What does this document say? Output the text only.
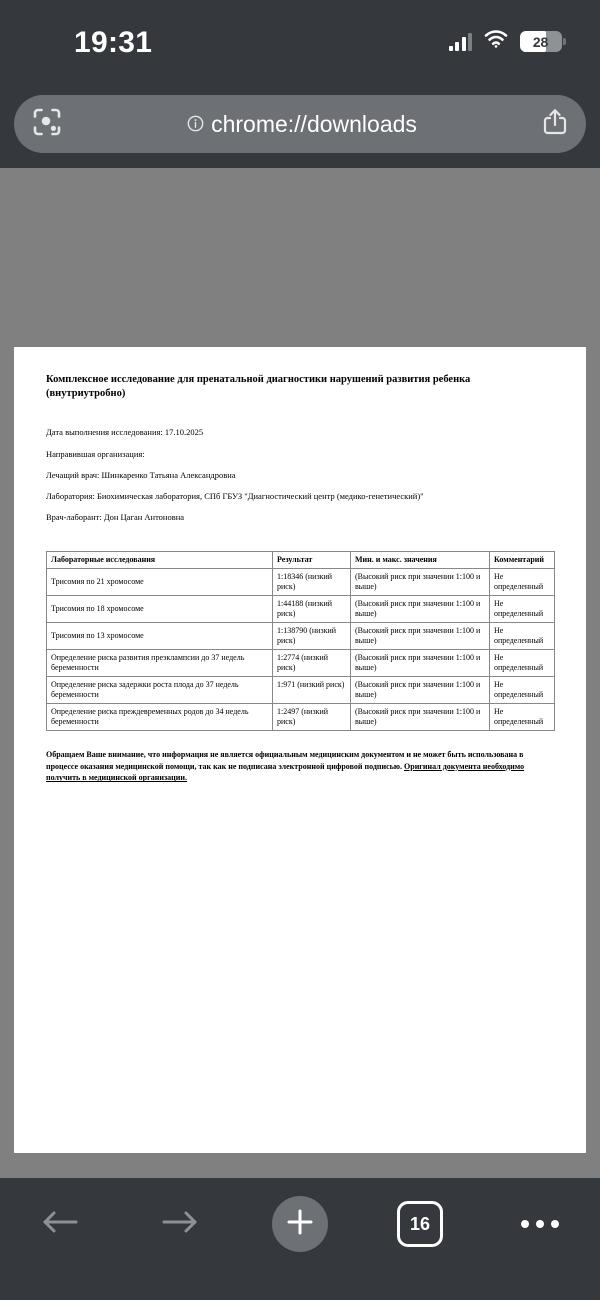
19:31	28
chrome://downloads
Комплексное исследование для пренатальной диагностики нарушений развития ребенка (внутриутробно)
Дата выполнения исследования: 17.10.2025
Направившая организация:
Лечащий врач: Шинкаренко Татьяна Александровна
Лаборатория: Биохимическая лаборатория, СПб ГБУЗ "Диагностический центр (медико-генетический)"
Врач-лаборант: Дон Цаган Антоновна
Лабораторные исследования	Результат	Мин. и макс. значения	Комментарий
Трисомия по 21 хромосоме	1:18346 (низкий риск)	(Высокий риск при значении 1:100 и выше)	Не определенный
Трисомия по 18 хромосоме	1:44188 (низкий риск)	(Высокий риск при значении 1:100 и выше)	Не определенный
Трисомия по 13 хромосоме	1:138790 (низкий риск)	(Высокий риск при значении 1:100 и выше)	Не определенный
Определение риска развития преэклампсии до 37 недель беременности	1:2774 (низкий риск)	(Высокий риск при значении 1:100 и выше)	Не определенный
Определение риска задержки роста плода до 37 недель беременности	1:971 (низкий риск)	(Высокий риск при значении 1:100 и выше)	Не определенный
Определение риска преждевременных родов до 34 недель беременности	1:2497 (низкий риск)	(Высокий риск при значении 1:100 и выше)	Не определенный
Обращаем Ваше внимание, что информация не является официальным медицинским документом и не может быть использована в процессе оказания медицинской помощи, так как не подписана электронной цифровой подписью. Оригинал документа необходимо получить в медицинской организации.
16
